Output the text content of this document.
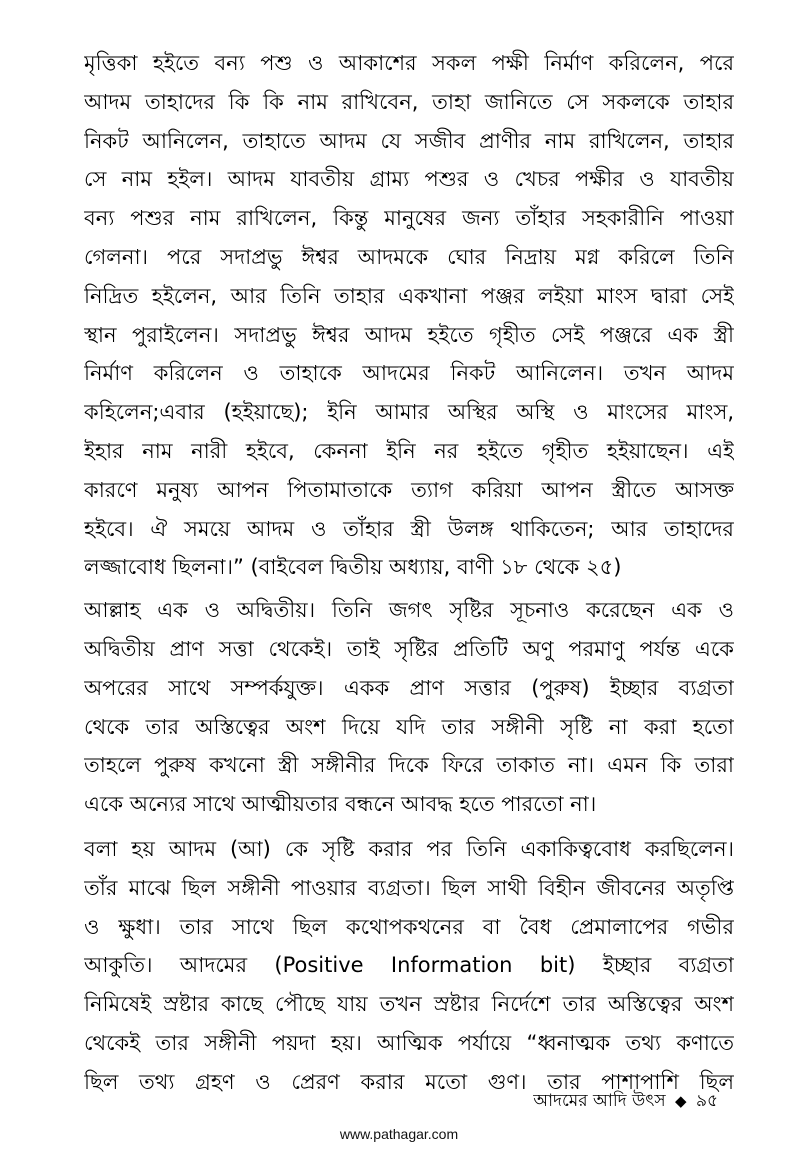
মৃত্তিকা হইতে বন্য পশু ও আকাশের সকল পক্ষী নির্মাণ করিলেন, পরে
আদম তাহাদের কি কি নাম রাখিবেন, তাহা জানিতে সে সকলকে তাহার
নিকট আনিলেন, তাহাতে আদম যে সজীব প্রাণীর নাম রাখিলেন, তাহার
সে নাম হইল। আদম যাবতীয় গ্রাম্য পশুর ও খেচর পক্ষীর ও যাবতীয়
বন্য পশুর নাম রাখিলেন, কিন্তু মানুষের জন্য তাঁহার সহকারীনি পাওয়া
গেলনা। পরে সদাপ্রভু ঈশ্বর আদমকে ঘোর নিদ্রায় মগ্ন করিলে তিনি
নিদ্রিত হইলেন, আর তিনি তাহার একখানা পঞ্জর লইয়া মাংস দ্বারা সেই
স্থান পুরাইলেন। সদাপ্রভু ঈশ্বর আদম হইতে গৃহীত সেই পঞ্জরে এক স্ত্রী
নির্মাণ করিলেন ও তাহাকে আদমের নিকট আনিলেন। তখন আদম
কহিলেন;এবার (হইয়াছে); ইনি আমার অস্থির অস্থি ও মাংসের মাংস,
ইহার নাম নারী হইবে, কেননা ইনি নর হইতে গৃহীত হইয়াছেন। এই
কারণে মনুষ্য আপন পিতামাতাকে ত্যাগ করিয়া আপন স্ত্রীতে আসক্ত
হইবে। ঐ সময়ে আদম ও তাঁহার স্ত্রী উলঙ্গ থাকিতেন; আর তাহাদের
লজ্জাবোধ ছিলনা।” (বাইবেল দ্বিতীয় অধ্যায়, বাণী ১৮ থেকে ২৫)
আল্লাহ এক ও অদ্বিতীয়। তিনি জগৎ সৃষ্টির সূচনাও করেছেন এক ও
অদ্বিতীয় প্রাণ সত্তা থেকেই। তাই সৃষ্টির প্রতিটি অণু পরমাণু পর্যন্ত একে
অপরের সাথে সম্পর্কযুক্ত। একক প্রাণ সত্তার (পুরুষ) ইচ্ছার ব্যগ্রতা
থেকে তার অস্তিত্বের অংশ দিয়ে যদি তার সঙ্গীনী সৃষ্টি না করা হতো
তাহলে পুরুষ কখনো স্ত্রী সঙ্গীনীর দিকে ফিরে তাকাত না। এমন কি তারা
একে অন্যের সাথে আত্মীয়তার বন্ধনে আবদ্ধ হতে পারতো না।
বলা হয় আদম (আ) কে সৃষ্টি করার পর তিনি একাকিত্ববোধ করছিলেন।
তাঁর মাঝে ছিল সঙ্গীনী পাওয়ার ব্যগ্রতা। ছিল সাথী বিহীন জীবনের অতৃপ্তি
ও ক্ষুধা। তার সাথে ছিল কথোপকথনের বা বৈধ প্রেমালাপের গভীর
আকুতি। আদমের (Positive Information bit) ইচ্ছার ব্যগ্রতা
নিমিষেই স্রষ্টার কাছে পৌছে যায় তখন স্রষ্টার নির্দেশে তার অস্তিত্বের অংশ
থেকেই তার সঙ্গীনী পয়দা হয়। আত্মিক পর্যায়ে “ধ্বনাত্মক তথ্য কণাতে
ছিল তথ্য গ্রহণ ও প্রেরণ করার মতো গুণ। তার পাশাপাশি ছিল
আদমের আদি উৎস ◆ ৯৫
www.pathagar.com
